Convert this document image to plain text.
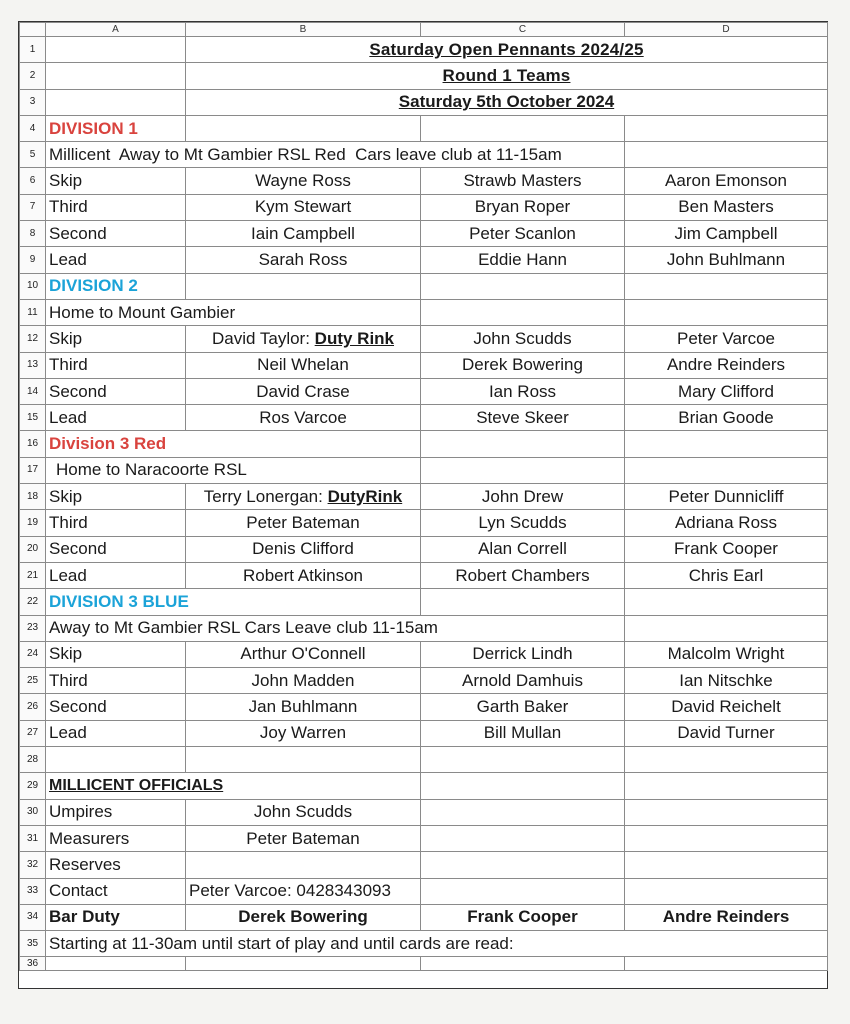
	A	B	C	D
1		Saturday Open Pennants 2024/25		
2		Round 1 Teams		
3		Saturday 5th October 2024		
4	DIVISION 1			
5	Millicent  Away to Mt Gambier RSL Red  Cars leave club at 11-15am			
6	Skip	Wayne Ross	Strawb Masters	Aaron Emonson
7	Third	Kym Stewart	Bryan Roper	Ben Masters
8	Second	Iain Campbell	Peter Scanlon	Jim Campbell
9	Lead	Sarah Ross	Eddie Hann	John Buhlmann
10	DIVISION 2			
11	Home to Mount Gambier			
12	Skip	David Taylor: Duty Rink	John Scudds	Peter Varcoe
13	Third	Neil Whelan	Derek Bowering	Andre Reinders
14	Second	David Crase	Ian Ross	Mary Clifford
15	Lead	Ros Varcoe	Steve Skeer	Brian Goode
16	Division 3 Red			
17	Home to Naracoorte RSL			
18	Skip	Terry Lonergan: DutyRink	John Drew	Peter Dunnicliff
19	Third	Peter Bateman	Lyn Scudds	Adriana Ross
20	Second	Denis Clifford	Alan Correll	Frank Cooper
21	Lead	Robert Atkinson	Robert Chambers	Chris Earl
22	DIVISION 3 BLUE			
23	Away to Mt Gambier RSL Cars Leave club 11-15am			
24	Skip	Arthur O'Connell	Derrick Lindh	Malcolm Wright
25	Third	John Madden	Arnold Damhuis	Ian Nitschke
26	Second	Jan Buhlmann	Garth Baker	David Reichelt
27	Lead	Joy Warren	Bill Mullan	David Turner
28				
29	MILLICENT OFFICIALS			
30	Umpires	John Scudds		
31	Measurers	Peter Bateman		
32	Reserves			
33	Contact	Peter Varcoe: 0428343093		
34	Bar Duty	Derek Bowering	Frank Cooper	Andre Reinders
35	Starting at 11-30am until start of play and until cards are read:			
36				
